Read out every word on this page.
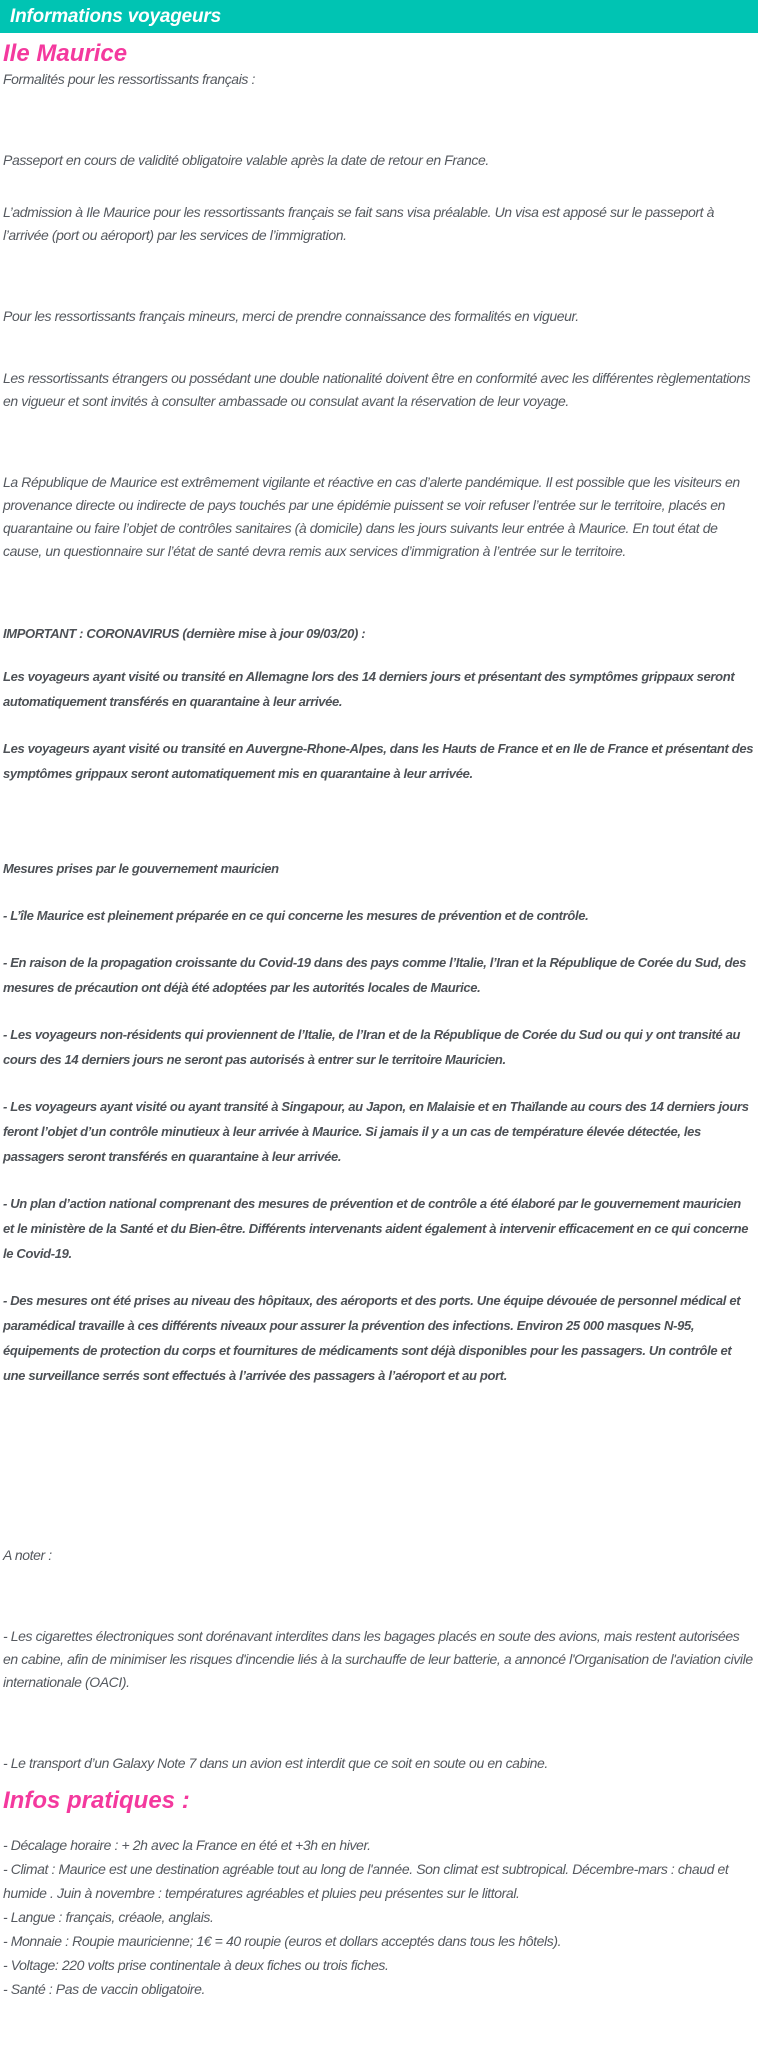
Informations voyageurs
Ile Maurice

Formalités pour les ressortissants français :

Passeport en cours de validité obligatoire valable après la date de retour en France.

L’admission à Ile Maurice pour les ressortissants français se fait sans visa préalable. Un visa est apposé sur le passeport à l’arrivée (port ou aéroport) par les services de l’immigration.

Pour les ressortissants français mineurs, merci de prendre connaissance des formalités en vigueur.

Les ressortissants étrangers ou possédant une double nationalité doivent être en conformité avec les différentes règlementations en vigueur et sont invités à consulter ambassade ou consulat avant la réservation de leur voyage.

La République de Maurice est extrêmement vigilante et réactive en cas d’alerte pandémique. Il est possible que les visiteurs en provenance directe ou indirecte de pays touchés par une épidémie puissent se voir refuser l’entrée sur le territoire, placés en quarantaine ou faire l’objet de contrôles sanitaires (à domicile) dans les jours suivants leur entrée à Maurice. En tout état de cause, un questionnaire sur l’état de santé devra remis aux services d’immigration à l’entrée sur le territoire.

IMPORTANT : CORONAVIRUS (dernière mise à jour 09/03/20) :

Les voyageurs ayant visité ou transité en Allemagne lors des 14 derniers jours et présentant des symptômes grippaux seront automatiquement transférés en quarantaine à leur arrivée.

Les voyageurs ayant visité ou transité en Auvergne-Rhone-Alpes, dans les Hauts de France et en Ile de France et présentant des symptômes grippaux seront automatiquement mis en quarantaine à leur arrivée.

Mesures prises par le gouvernement mauricien

- L’île Maurice est pleinement préparée en ce qui concerne les mesures de prévention et de contrôle.

- En raison de la propagation croissante du Covid-19 dans des pays comme l’Italie, l’Iran et la République de Corée du Sud, des mesures de précaution ont déjà été adoptées par les autorités locales de Maurice.

- Les voyageurs non-résidents qui proviennent de l’Italie, de l’Iran et de la République de Corée du Sud ou qui y ont transité au cours des 14 derniers jours ne seront pas autorisés à entrer sur le territoire Mauricien.

- Les voyageurs ayant visité ou ayant transité à Singapour, au Japon, en Malaisie et en Thaïlande au cours des 14 derniers jours feront l’objet d’un contrôle minutieux à leur arrivée à Maurice. Si jamais il y a un cas de température élevée détectée, les passagers seront transférés en quarantaine à leur arrivée.

- Un plan d’action national comprenant des mesures de prévention et de contrôle a été élaboré par le gouvernement mauricien et le ministère de la Santé et du Bien-être. Différents intervenants aident également à intervenir efficacement en ce qui concerne le Covid-19.

- Des mesures ont été prises au niveau des hôpitaux, des aéroports et des ports. Une équipe dévouée de personnel médical et paramédical travaille à ces différents niveaux pour assurer la prévention des infections. Environ 25 000 masques N-95, équipements de protection du corps et fournitures de médicaments sont déjà disponibles pour les passagers. Un contrôle et une surveillance serrés sont effectués à l’arrivée des passagers à l’aéroport et au port.

A noter :

- Les cigarettes électroniques sont dorénavant interdites dans les bagages placés en soute des avions, mais restent autorisées en cabine, afin de minimiser les risques d'incendie liés à la surchauffe de leur batterie, a annoncé l'Organisation de l'aviation civile internationale (OACI).

- Le transport d’un Galaxy Note 7 dans un avion est interdit que ce soit en soute ou en cabine.

Infos pratiques :

- Décalage horaire : + 2h avec la France en été et +3h en hiver.

- Climat : Maurice est une destination agréable tout au long de l'année. Son climat est subtropical. Décembre-mars : chaud et humide . Juin à novembre : températures agréables et pluies peu présentes sur le littoral.

- Langue : français, créaole, anglais.

- Monnaie : Roupie mauricienne; 1€ = 40 roupie (euros et dollars acceptés dans tous les hôtels).

- Voltage: 220 volts prise continentale à deux fiches ou trois fiches.

- Santé : Pas de vaccin obligatoire.
